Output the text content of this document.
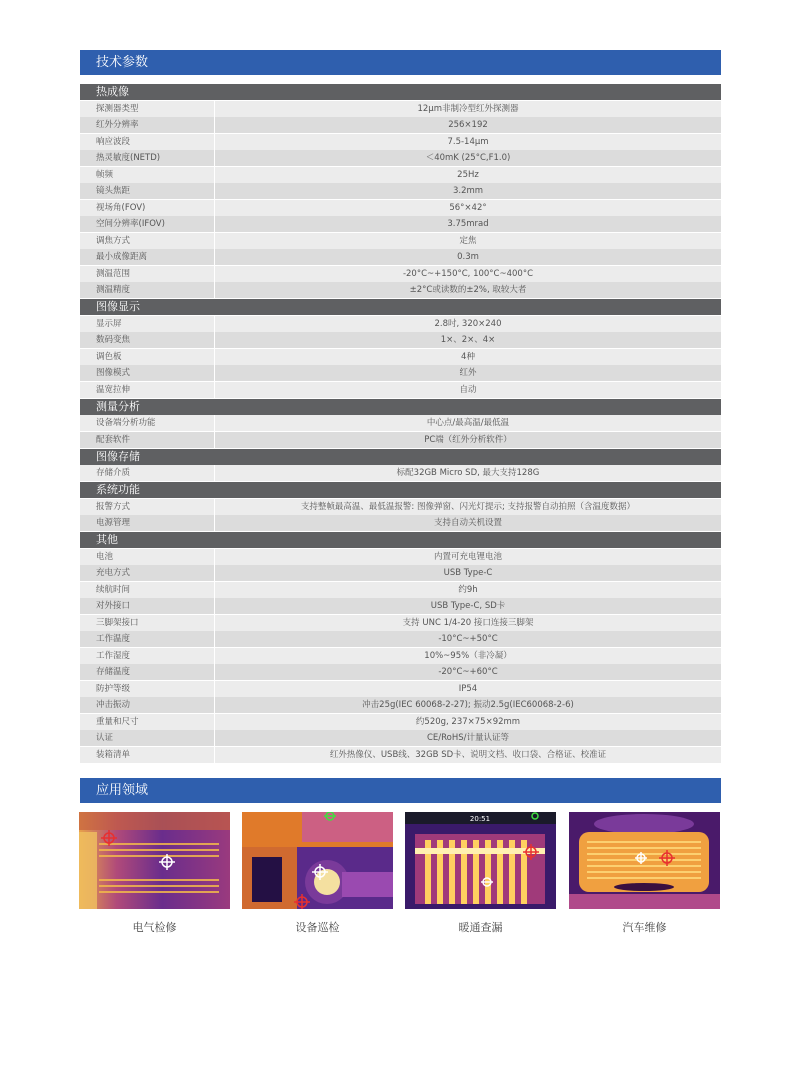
技术参数
热成像
探测器类型	12μm非制冷型红外探测器
红外分辨率	256×192
响应波段	7.5-14μm
热灵敏度(NETD)	＜40mK (25°C,F1.0)
帧频	25Hz
镜头焦距	3.2mm
视场角(FOV)	56°×42°
空间分辨率(IFOV)	3.75mrad
调焦方式	定焦
最小成像距离	0.3m
测温范围	-20°C~+150°C, 100°C~400°C
测温精度	±2°C或读数的±2%, 取较大者
图像显示
显示屏	2.8吋, 320×240
数码变焦	1×、2×、4×
调色板	4种
图像模式	红外
温宽拉伸	自动
测量分析
设备端分析功能	中心点/最高温/最低温
配套软件	PC端（红外分析软件）
图像存储
存储介质	标配32GB Micro SD, 最大支持128G
系统功能
报警方式	支持整帧最高温、最低温报警: 图像弹窗、闪光灯提示; 支持报警自动拍照（含温度数据）
电源管理	支持自动关机设置
其他
电池	内置可充电锂电池
充电方式	USB Type-C
续航时间	约9h
对外接口	USB Type-C, SD卡
三脚架接口	支持 UNC 1/4-20 接口连接三脚架
工作温度	-10°C~+50°C
工作湿度	10%~95%（非冷凝）
存储温度	-20°C~+60°C
防护等级	IP54
冲击振动	冲击25g(IEC 60068-2-27); 振动2.5g(IEC60068-2-6)
重量和尺寸	约520g, 237×75×92mm
认证	CE/RoHS/计量认证等
装箱清单	红外热像仪、USB线、32GB SD卡、说明文档、收口袋、合格证、校准证
应用领域
电气检修	设备巡检
20:51
暖通查漏	汽车维修
